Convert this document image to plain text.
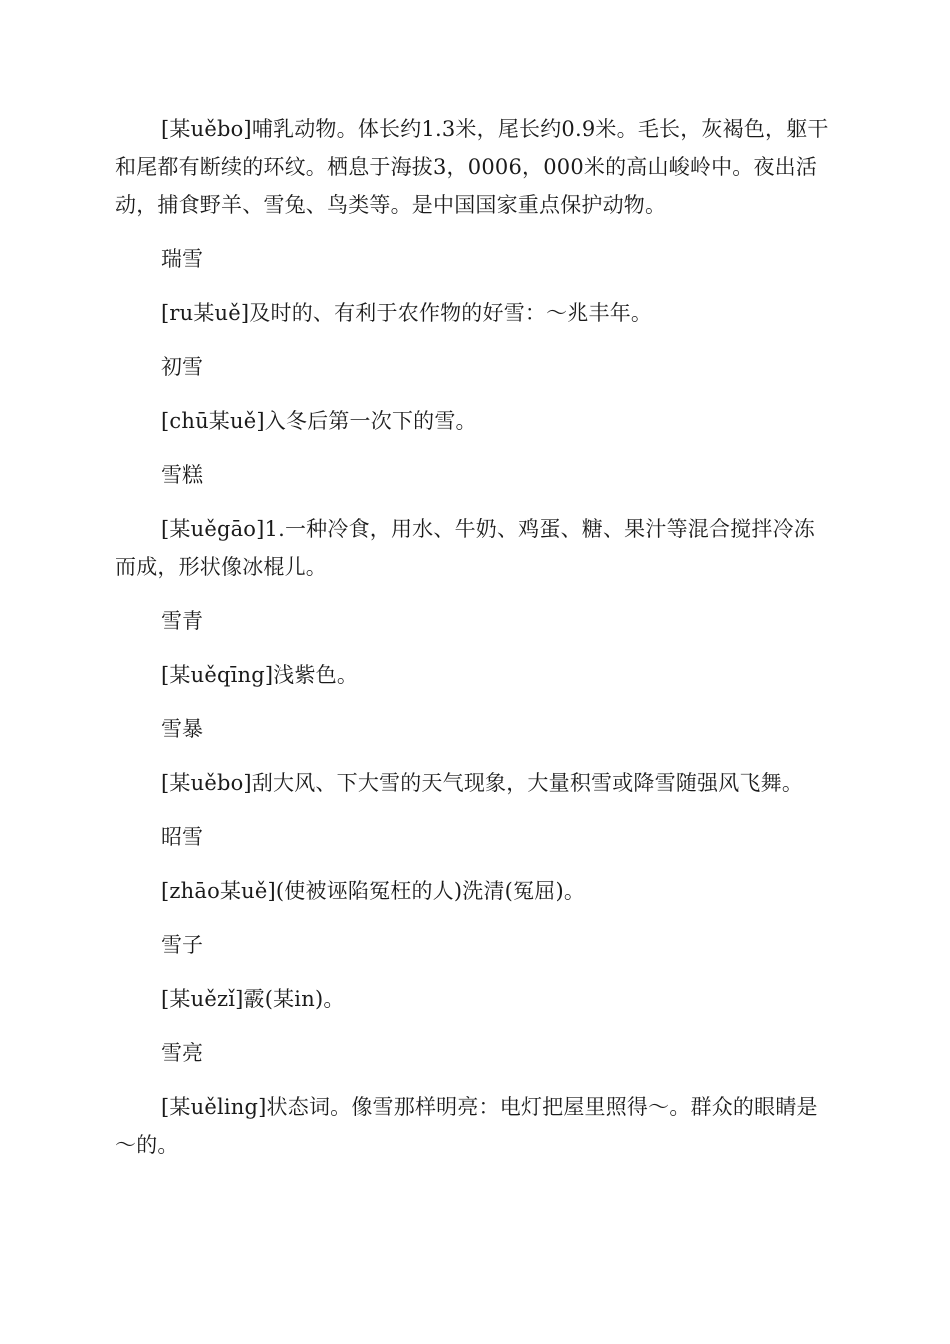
[某uěbo]哺乳动物。体长约1.3米，尾长约0.9米。毛长，灰褐色，躯干和尾都有断续的环纹。栖息于海拔3，0006，000米的高山峻岭中。夜出活动，捕食野羊、雪兔、鸟类等。是中国国家重点保护动物。

瑞雪

[ru某uě]及时的、有利于农作物的好雪：～兆丰年。

初雪

[chū某uě]入冬后第一次下的雪。

雪糕

[某uěgāo]1.一种冷食，用水、牛奶、鸡蛋、糖、果汁等混合搅拌冷冻而成，形状像冰棍儿。

雪青

[某uěqīng]浅紫色。

雪暴

[某uěbo]刮大风、下大雪的天气现象，大量积雪或降雪随强风飞舞。

昭雪

[zhāo某uě](使被诬陷冤枉的人)洗清(冤屈)。

雪子

[某uězǐ]霰(某in)。

雪亮

[某uěling]状态词。像雪那样明亮：电灯把屋里照得～。群众的眼睛是～的。
